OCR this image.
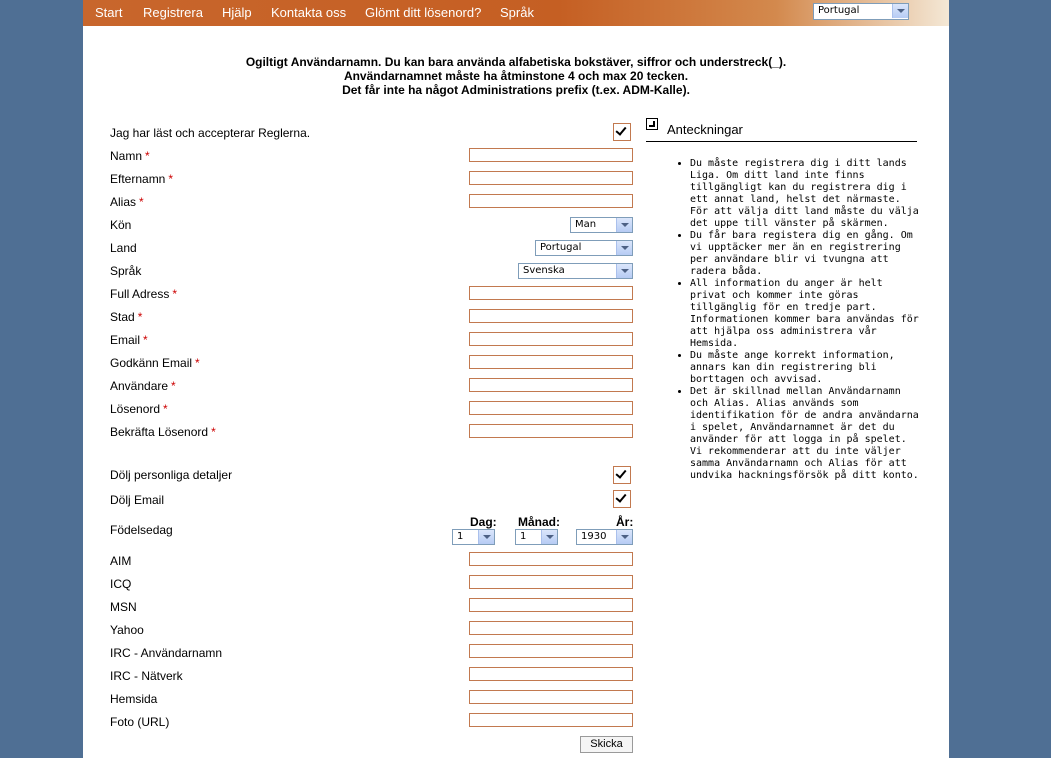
Start Registrera Hjälp Kontakta oss Glömt ditt lösenord? Språk	Portugal
Ogiltigt Användarnamn. Du kan bara använda alfabetiska bokstäver, siffror och understreck(_).
Användarnamnet måste ha åtminstone 4 och max 20 tecken.
Det får inte ha något Administrations prefix (t.ex. ADM-Kalle).
Jag har läst och accepterar Reglerna.
Namn *
Efternamn *
Alias *
Kön	Man
Land	Portugal
Språk	Svenska
Full Adress *
Stad *
Email *
Godkänn Email *
Användare *
Lösenord *
Bekräfta Lösenord *
Dölj personliga detaljer
Dölj Email
Födelsedag
Dag: Månad:	År:
1	1	1930
AIM
ICQ
MSN
Yahoo
IRC - Användarnamn
IRC - Nätverk
Hemsida
Foto (URL)
Skicka
Anteckningar
• Du måste registrera dig i ditt lands Liga. Om ditt land inte finns tillgängligt kan du registrera dig i ett annat land, helst det närmaste. För att välja ditt land måste du välja det uppe till vänster på skärmen.
• Du får bara registera dig en gång. Om vi upptäcker mer än en registrering per användare blir vi tvungna att radera båda.
• All information du anger är helt privat och kommer inte göras tillgänglig för en tredje part. Informationen kommer bara användas för att hjälpa oss administrera vår Hemsida.
• Du måste ange korrekt information, annars kan din registrering bli borttagen och avvisad.
• Det är skillnad mellan Användarnamn och Alias. Alias används som identifikation för de andra användarna i spelet, Användarnamnet är det du använder för att logga in på spelet. Vi rekommenderar att du inte väljer samma Användarnamn och Alias för att undvika hackningsförsök på ditt konto.
